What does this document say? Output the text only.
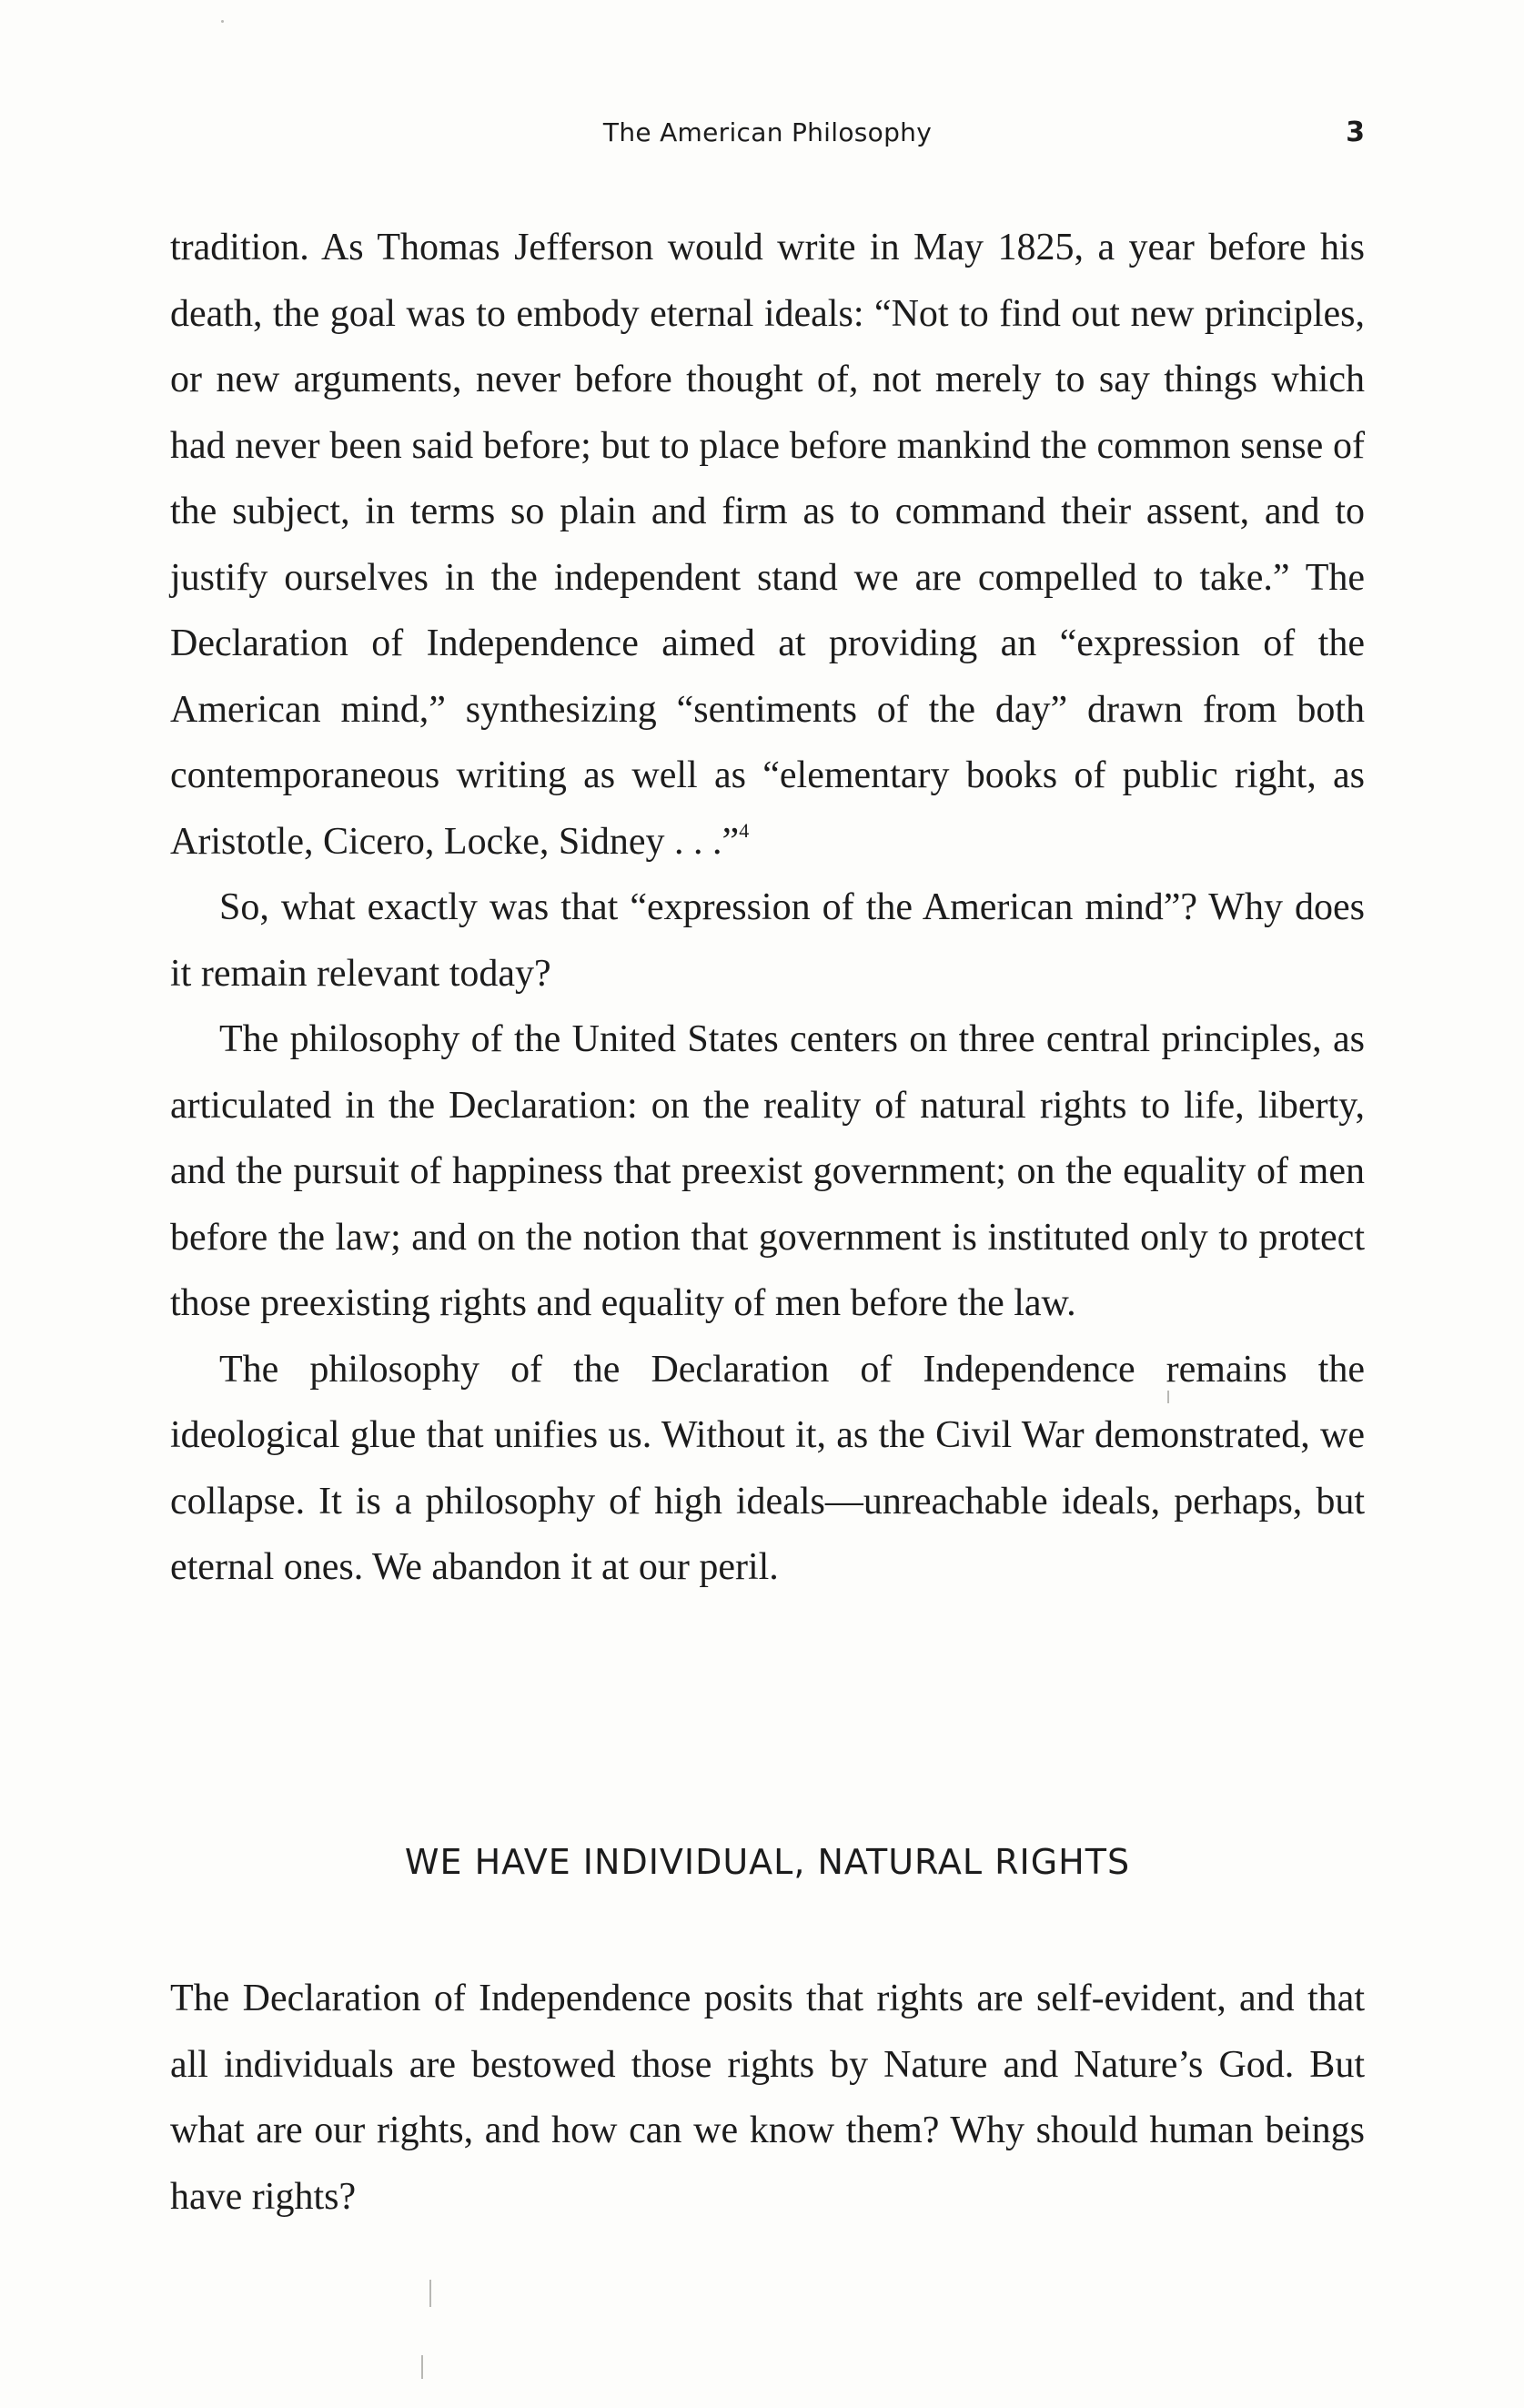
The American Philosophy	3

tradition. As Thomas Jefferson would write in May 1825, a year before his death, the goal was to embody eternal ideals: “Not to find out new principles, or new arguments, never before thought of, not merely to say things which had never been said before; but to place before mankind the common sense of the subject, in terms so plain and firm as to command their assent, and to justify ourselves in the independent stand we are compelled to take.” The Declaration of Independence aimed at providing an “expression of the American mind,” synthesizing “sentiments of the day” drawn from both contemporaneous writing as well as “elementary books of public right, as Aristotle, Cicero, Locke, Sidney . . .”$^4$

So, what exactly was that “expression of the American mind”? Why does it remain relevant today?

The philosophy of the United States centers on three central principles, as articulated in the Declaration: on the reality of natural rights to life, liberty, and the pursuit of happiness that preexist government; on the equality of men before the law; and on the notion that government is instituted only to protect those preexisting rights and equality of men before the law.

The philosophy of the Declaration of Independence remains the ideological glue that unifies us. Without it, as the Civil War demonstrated, we collapse. It is a philosophy of high ideals—unreachable ideals, perhaps, but eternal ones. We abandon it at our peril.

WE HAVE INDIVIDUAL, NATURAL RIGHTS

The Declaration of Independence posits that rights are self-evident, and that all individuals are bestowed those rights by Nature and Nature’s God. But what are our rights, and how can we know them? Why should human beings have rights?
